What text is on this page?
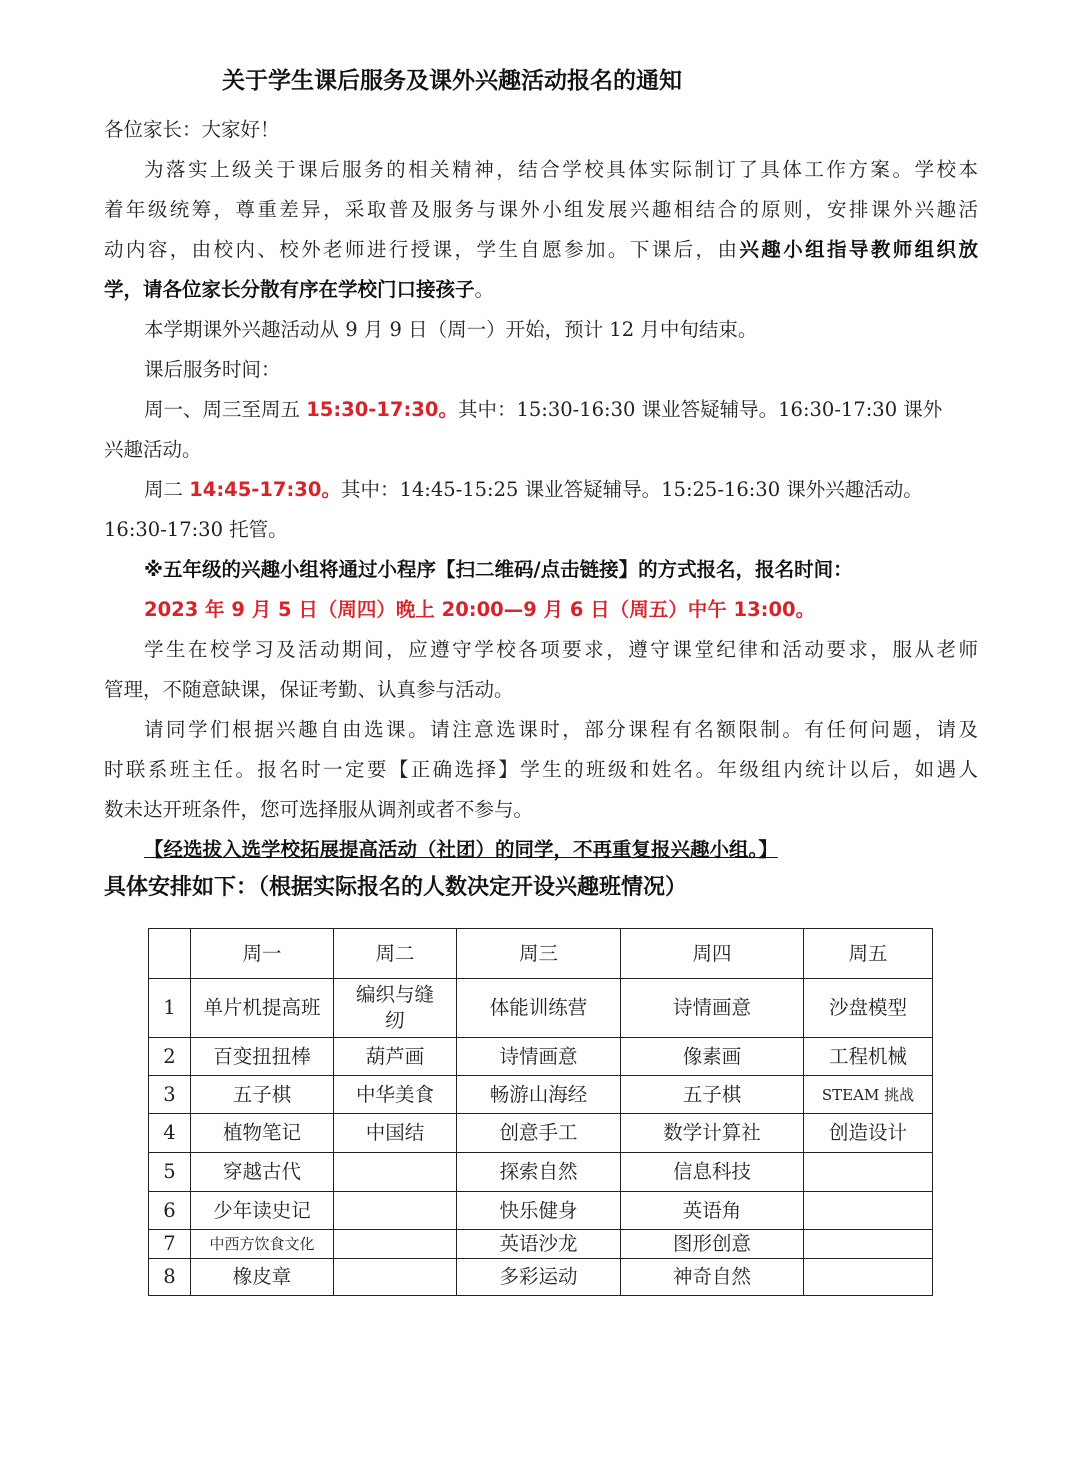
关于学生课后服务及课外兴趣活动报名的通知
各位家长：大家好！
为落实上级关于课后服务的相关精神，结合学校具体实际制订了具体工作方案。学校本
着年级统筹，尊重差异，采取普及服务与课外小组发展兴趣相结合的原则，安排课外兴趣活
动内容，由校内、校外老师进行授课，学生自愿参加。下课后，由兴趣小组指导教师组织放
学，请各位家长分散有序在学校门口接孩子。
本学期课外兴趣活动从 9 月 9 日（周一）开始，预计 12 月中旬结束。
课后服务时间：
周一、周三至周五 15:30-17:30。其中：15:30-16:30 课业答疑辅导。16:30-17:30 课外
兴趣活动。
周二 14:45-17:30。其中：14:45-15:25 课业答疑辅导。15:25-16:30 课外兴趣活动。
16:30-17:30 托管。
※五年级的兴趣小组将通过小程序【扫二维码/点击链接】的方式报名，报名时间：
2023 年 9 月 5 日（周四）晚上 20:00—9 月 6 日（周五）中午 13:00。
学生在校学习及活动期间，应遵守学校各项要求，遵守课堂纪律和活动要求，服从老师
管理，不随意缺课，保证考勤、认真参与活动。
请同学们根据兴趣自由选课。请注意选课时，部分课程有名额限制。有任何问题，请及
时联系班主任。报名时一定要【正确选择】学生的班级和姓名。年级组内统计以后，如遇人
数未达开班条件，您可选择服从调剂或者不参与。
【经选拔入选学校拓展提高活动（社团）的同学，不再重复报兴趣小组。】
具体安排如下：（根据实际报名的人数决定开设兴趣班情况）
	周一	周二	周三	周四	周五
1	单片机提高班	编织与缝纫	体能训练营	诗情画意	沙盘模型
2	百变扭扭棒	葫芦画	诗情画意	像素画	工程机械
3	五子棋	中华美食	畅游山海经	五子棋	STEAM 挑战
4	植物笔记	中国结	创意手工	数学计算社	创造设计
5	穿越古代		探索自然	信息科技	
6	少年读史记		快乐健身	英语角	
7	中西方饮食文化		英语沙龙	图形创意	
8	橡皮章		多彩运动	神奇自然	
